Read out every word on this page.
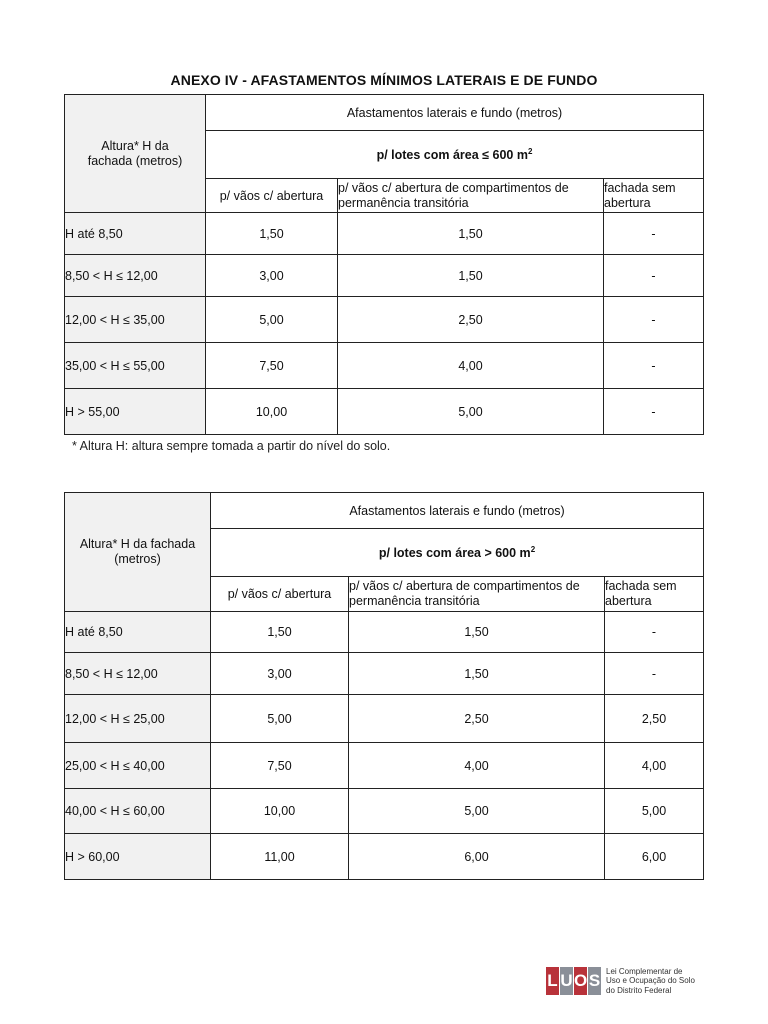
ANEXO IV - AFASTAMENTOS MÍNIMOS LATERAIS E DE FUNDO
Altura* H da fachada (metros)	Afastamentos laterais e fundo (metros)		
	p/ lotes com área ≤ 600 $m^2$
	p/ vãos c/ abertura	p/ vãos c/ abertura de compartimentos de permanência transitória	fachada sem abertura
H até 8,50	1,50	1,50	-
8,50 < H ≤ 12,00	3,00	1,50	-
12,00 < H ≤ 35,00	5,00	2,50	-
35,00 < H ≤ 55,00	7,50	4,00	-
H > 55,00	10,00	5,00	-
* Altura H: altura sempre tomada a partir do nível do solo.
Altura* H da fachada (metros)	Afastamentos laterais e fundo (metros)		
	p/ lotes com área > 600 $m^2$
	p/ vãos c/ abertura	p/ vãos c/ abertura de compartimentos de permanência transitória	fachada sem abertura
H até 8,50	1,50	1,50	-
8,50 < H ≤ 12,00	3,00	1,50	-
12,00 < H ≤ 25,00	5,00	2,50	2,50
25,00 < H ≤ 40,00	7,50	4,00	4,00
40,00 < H ≤ 60,00	10,00	5,00	5,00
H > 60,00	11,00	6,00	6,00
L U O S Lei Complementar de
Uso e Ocupação do Solo
do Distrito Federal
